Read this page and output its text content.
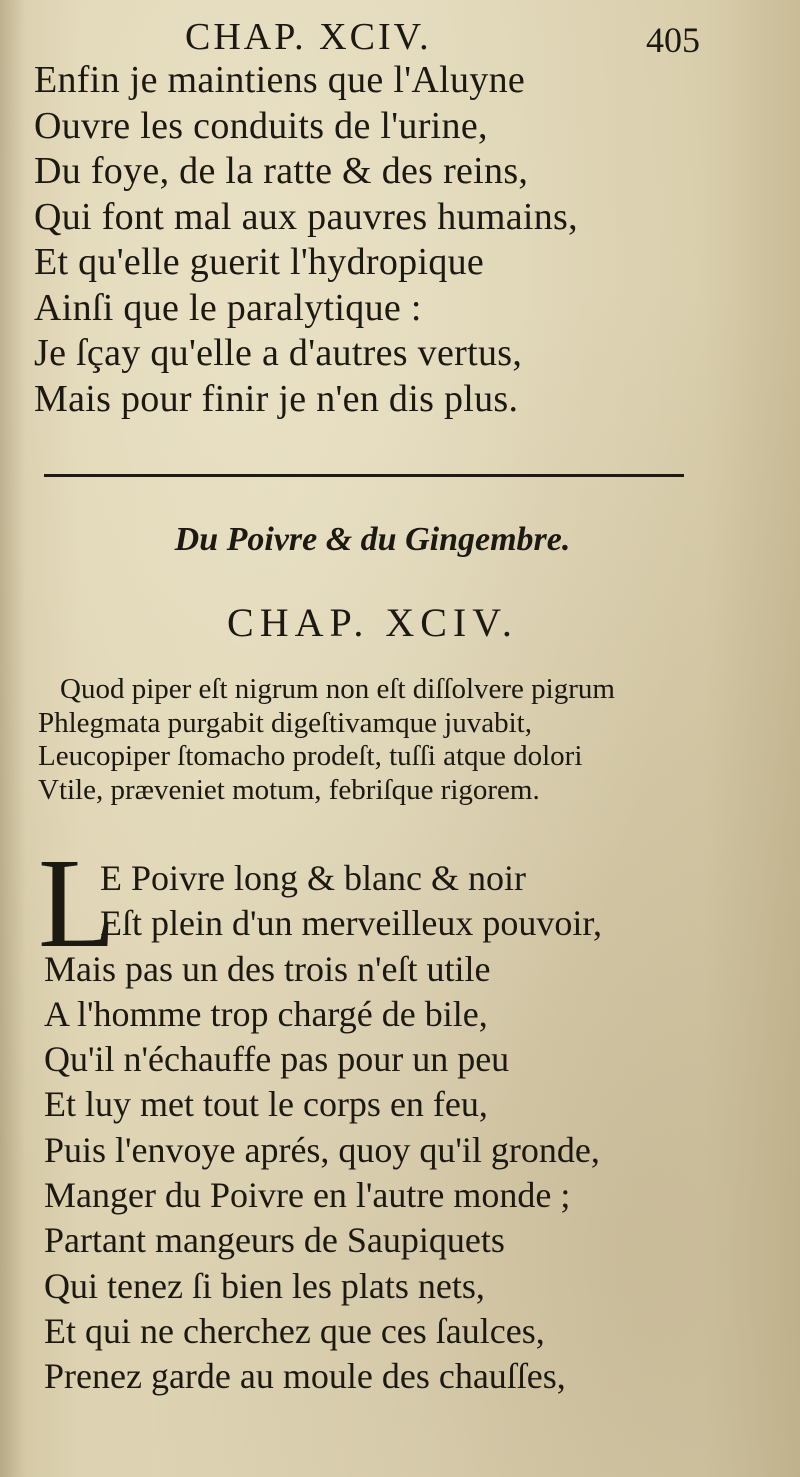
CHAP. XCIV.	405
Enfin je maintiens que l'Aluyne
Ouvre les conduits de l'urine,
Du foye, de la ratte & des reins,
Qui font mal aux pauvres humains,
Et qu'elle guerit l'hydropique
Ainſi que le paralytique :
Je ſçay qu'elle a d'autres vertus,
Mais pour finir je n'en dis plus.
Du Poivre & du Gingembre.
CHAP. XCIV.
Quod piper eſt nigrum non eſt diſſolvere pigrum
Phlegmata purgabit digeſtivamque juvabit,
Leucopiper ſtomacho prodeſt, tuſſi atque dolori
Vtile, præveniet motum, febriſque rigorem.
L
E Poivre long & blanc & noir
Eſt plein d'un merveilleux pouvoir,
Mais pas un des trois n'eſt utile
A l'homme trop chargé de bile,
Qu'il n'échauffe pas pour un peu
Et luy met tout le corps en feu,
Puis l'envoye aprés, quoy qu'il gronde,
Manger du Poivre en l'autre monde ;
Partant mangeurs de Saupiquets
Qui tenez ſi bien les plats nets,
Et qui ne cherchez que ces ſaulces,
Prenez garde au moule des chauſſes,
